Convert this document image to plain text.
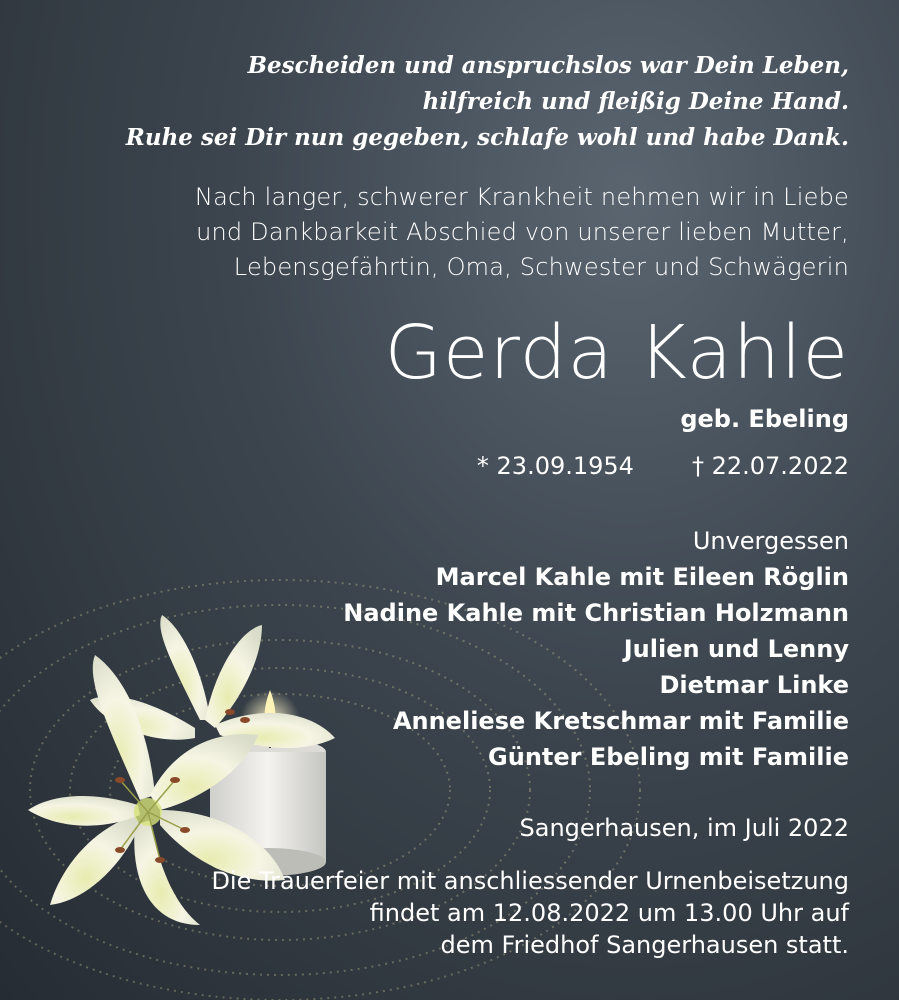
Bescheiden und anspruchslos war Dein Leben,
hilfreich und fleißig Deine Hand.
Ruhe sei Dir nun gegeben, schlafe wohl und habe Dank.
Nach langer, schwerer Krankheit nehmen wir in Liebe
und Dankbarkeit Abschied von unserer lieben Mutter,
Lebensgefährtin, Oma, Schwester und Schwägerin
Gerda Kahle
geb. Ebeling
* 23.09.1954 † 22.07.2022
Unvergessen
Marcel Kahle mit Eileen Röglin
Nadine Kahle mit Christian Holzmann
Julien und Lenny
Dietmar Linke
Anneliese Kretschmar mit Familie
Günter Ebeling mit Familie
Sangerhausen, im Juli 2022
Die Trauerfeier mit anschliessender Urnenbeisetzung
findet am 12.08.2022 um 13.00 Uhr auf
dem Friedhof Sangerhausen statt.
